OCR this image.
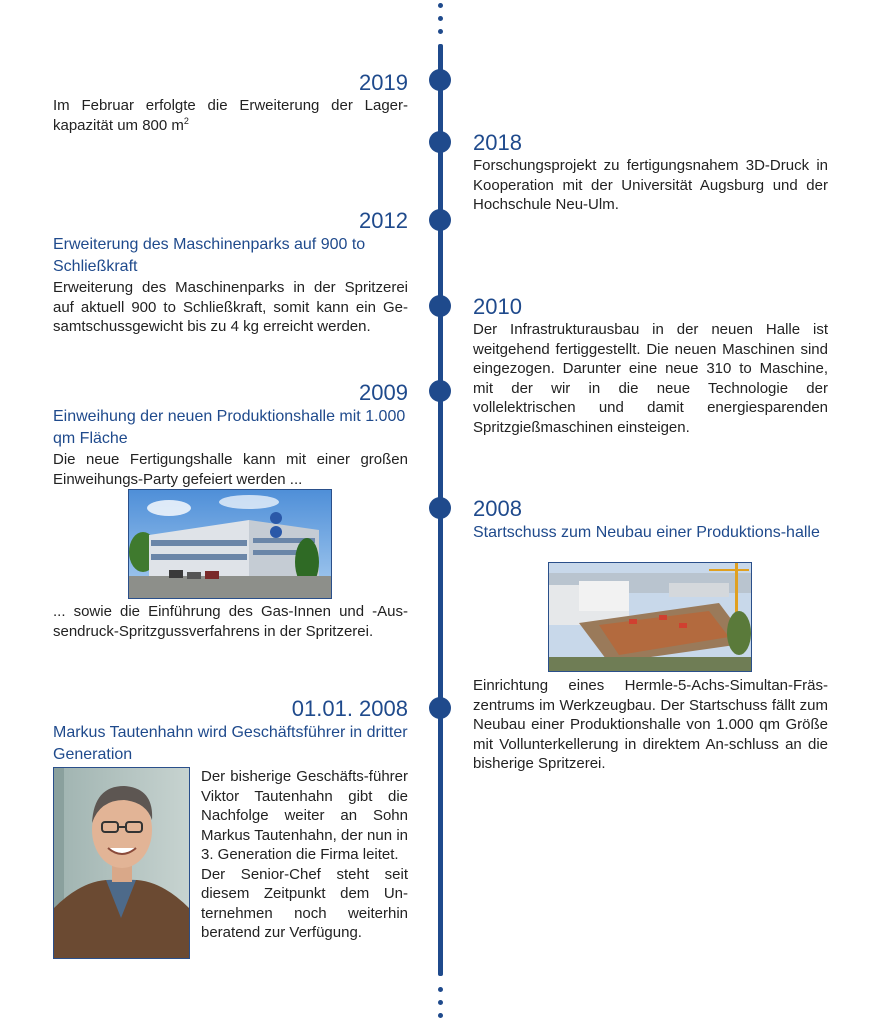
2019

Im Februar erfolgte die Erweiterung der Lager-kapazität um 800 $m^2$

2018

Forschungsprojekt zu fertigungsnahem 3D-Druck in Kooperation mit der Universität Augsburg und der Hochschule Neu-Ulm.

2012

Erweiterung des Maschinenparks auf 900 to Schließkraft

Erweiterung des Maschinenparks in der Spritzerei auf aktuell 900 to Schließkraft, somit kann ein Ge-samtschussgewicht bis zu 4 kg erreicht werden.

2010

Der Infrastrukturausbau in der neuen Halle ist weitgehend fertiggestellt. Die neuen Maschinen sind eingezogen. Darunter eine neue 310 to Maschine, mit der wir in die neue Technologie der vollelektrischen und damit energiesparenden Spritzgießmaschinen einsteigen.

2009

Einweihung der neuen Produktionshalle mit 1.000 qm Fläche

Die neue Fertigungshalle kann mit einer großen Einweihungs-Party gefeiert werden ...

... sowie die Einführung des Gas-Innen und -Aus-sendruck-Spritzgussverfahrens in der Spritzerei.

2008

Startschuss zum Neubau einer Produktions-halle

Einrichtung eines Hermle-5-Achs-Simultan-Fräs-zentrums im Werkzeugbau. Der Startschuss fällt zum Neubau einer Produktionshalle von 1.000 qm Größe mit Vollunterkellerung in direktem An-schluss an die bisherige Spritzerei.

01.01. 2008

Markus Tautenhahn wird Geschäftsführer in dritter Generation

Der bisherige Geschäfts-führer Viktor Tautenhahn gibt die Nachfolge weiter an Sohn Markus Tautenhahn, der nun in 3. Generation die Firma leitet.

Der Senior-Chef steht seit diesem Zeitpunkt dem Un-ternehmen noch weiterhin beratend zur Verfügung.
